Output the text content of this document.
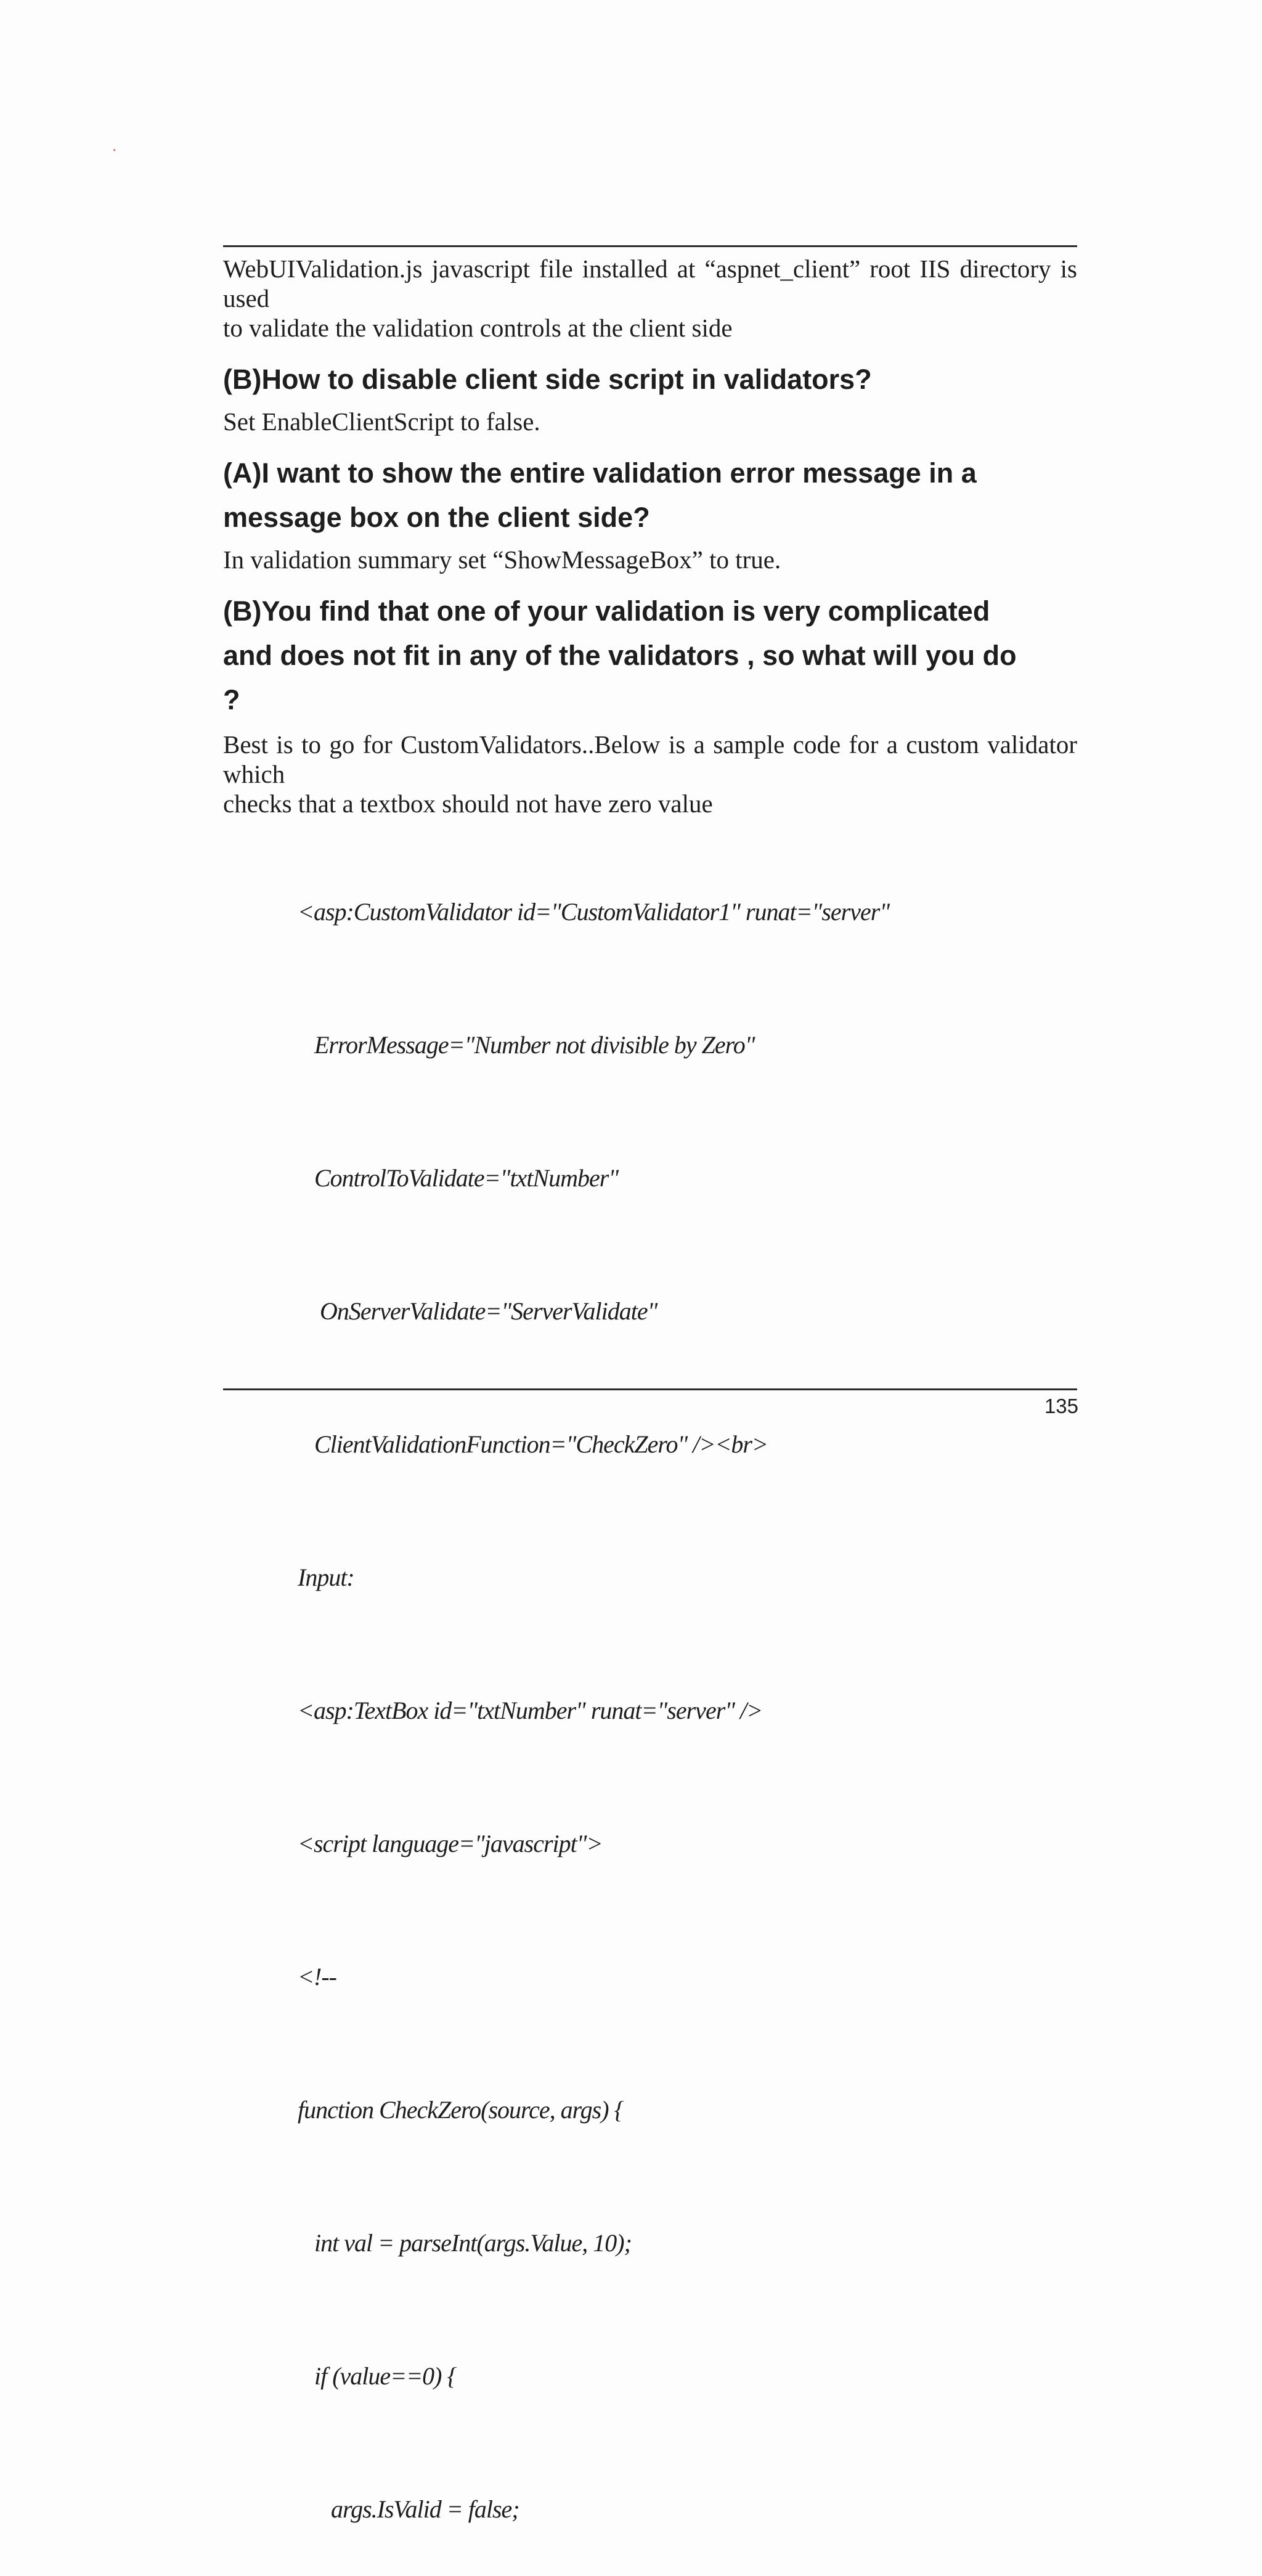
WebUIValidation.js javascript file installed at “aspnet_client” root IIS directory is used

to validate the validation controls at the client side

(B)How to disable client side script in validators?

Set EnableClientScript to false.

(A)I want to show the entire validation error message in a
message box on the client side?

In validation summary set “ShowMessageBox” to true.

(B)You find that one of your validation is very complicated
and does not fit in any of the validators , so what will you do
?

Best is to go for CustomValidators..Below is a sample code for a custom validator which

checks that a textbox should not have zero value

<asp:CustomValidator id="CustomValidator1" runat="server"

ErrorMessage="Number not divisible by Zero"

ControlToValidate="txtNumber"

OnServerValidate="ServerValidate"

ClientValidationFunction="CheckZero" /><br>

Input:

<asp:TextBox id="txtNumber" runat="server" />

<script language="javascript">

<!--

function CheckZero(source, args) {

int val = parseInt(args.Value, 10);

if (value==0) {

args.IsValid = false;

135
